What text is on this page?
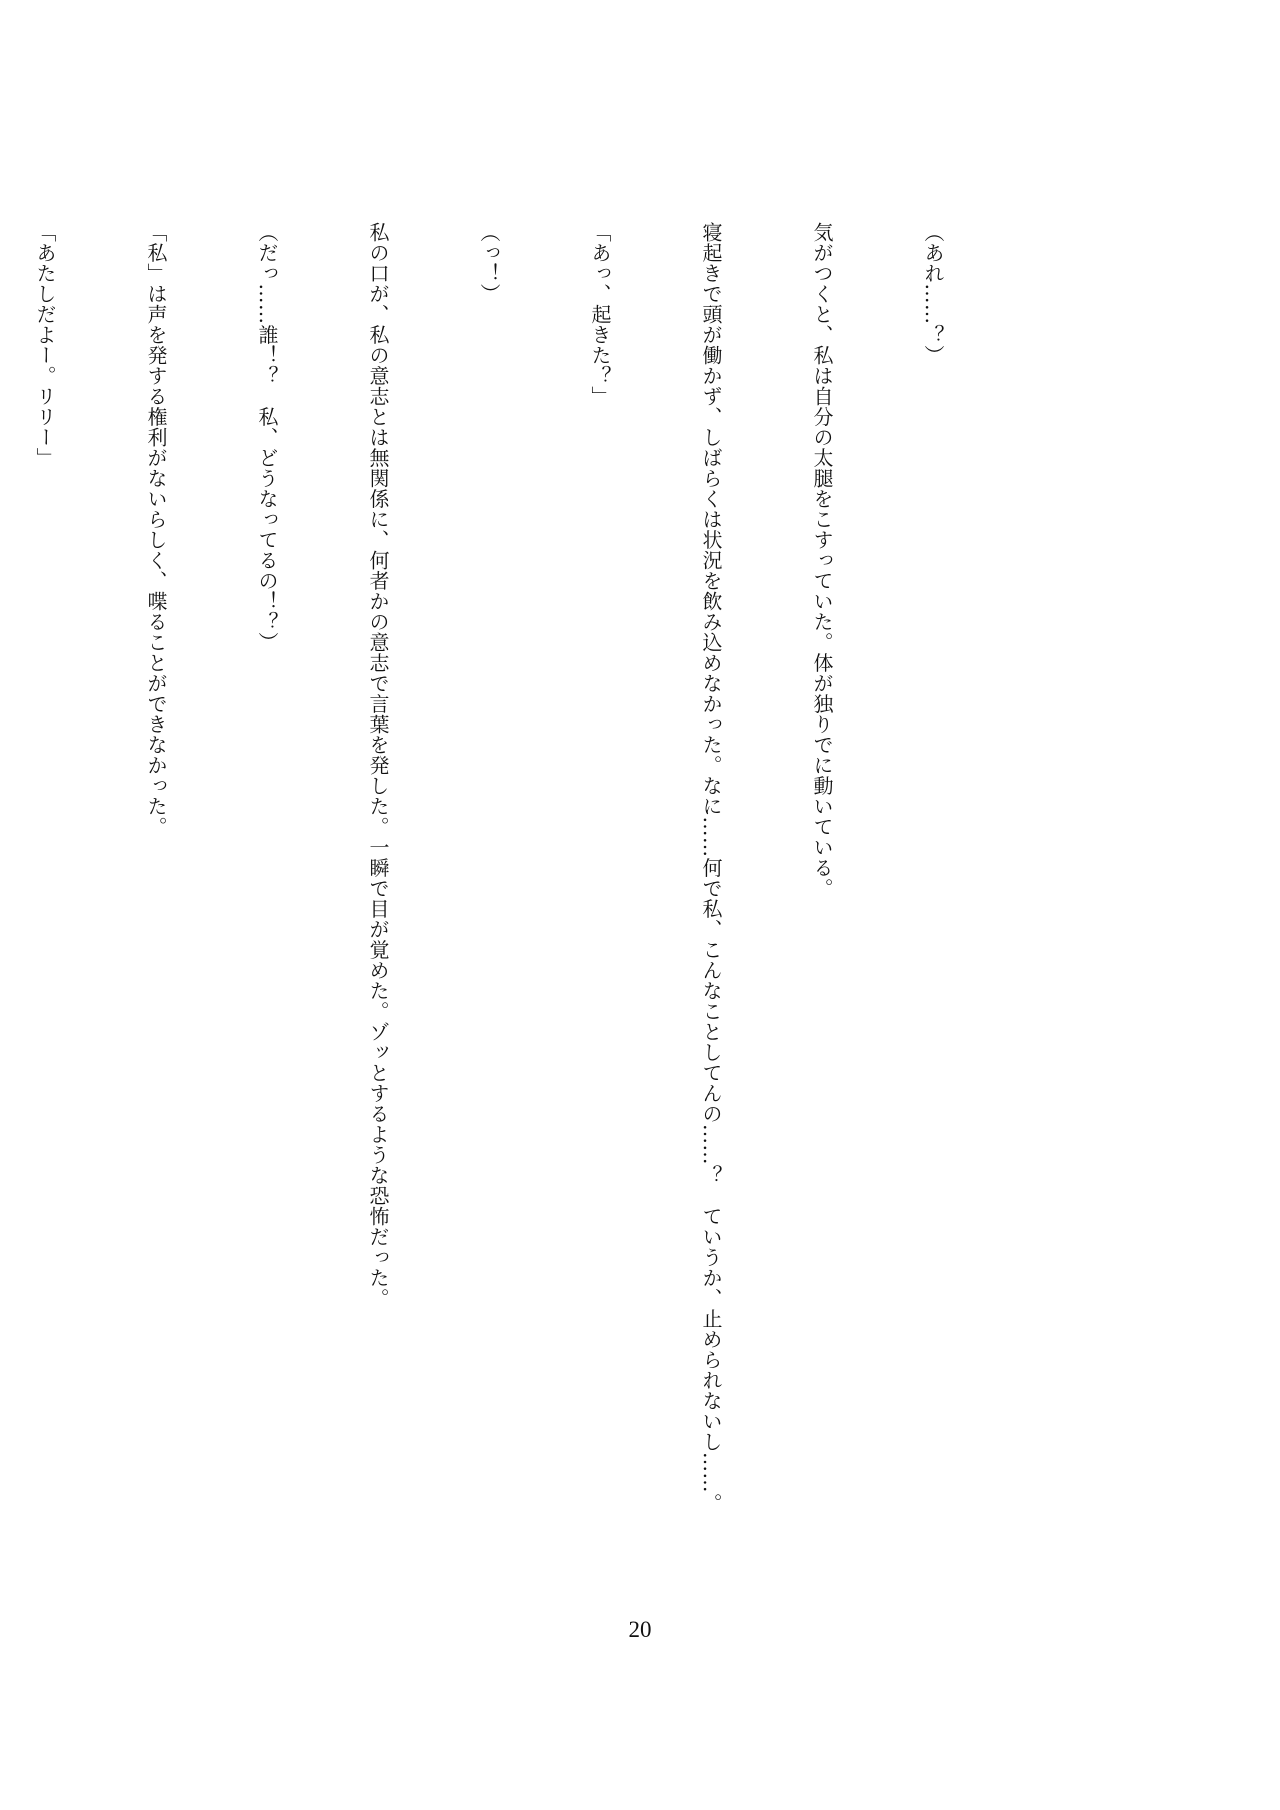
（あれ……？）

気がつくと、私は自分の太腿をこすっていた。体が独りでに動いている。

寝起きで頭が働かず、しばらくは状況を飲み込めなかった。なに……何で私、こんなことしてんの……？　ていうか、止められないし……。

「あっ、起きた？」

（っ！）

私の口が、私の意志とは無関係に、何者かの意志で言葉を発した。一瞬で目が覚めた。ゾッとするような恐怖だった。

（だっ……誰！？　私、どうなってるの！？）

「私」は声を発する権利がないらしく、喋ることができなかった。

「あたしだよー。リリー」

20
